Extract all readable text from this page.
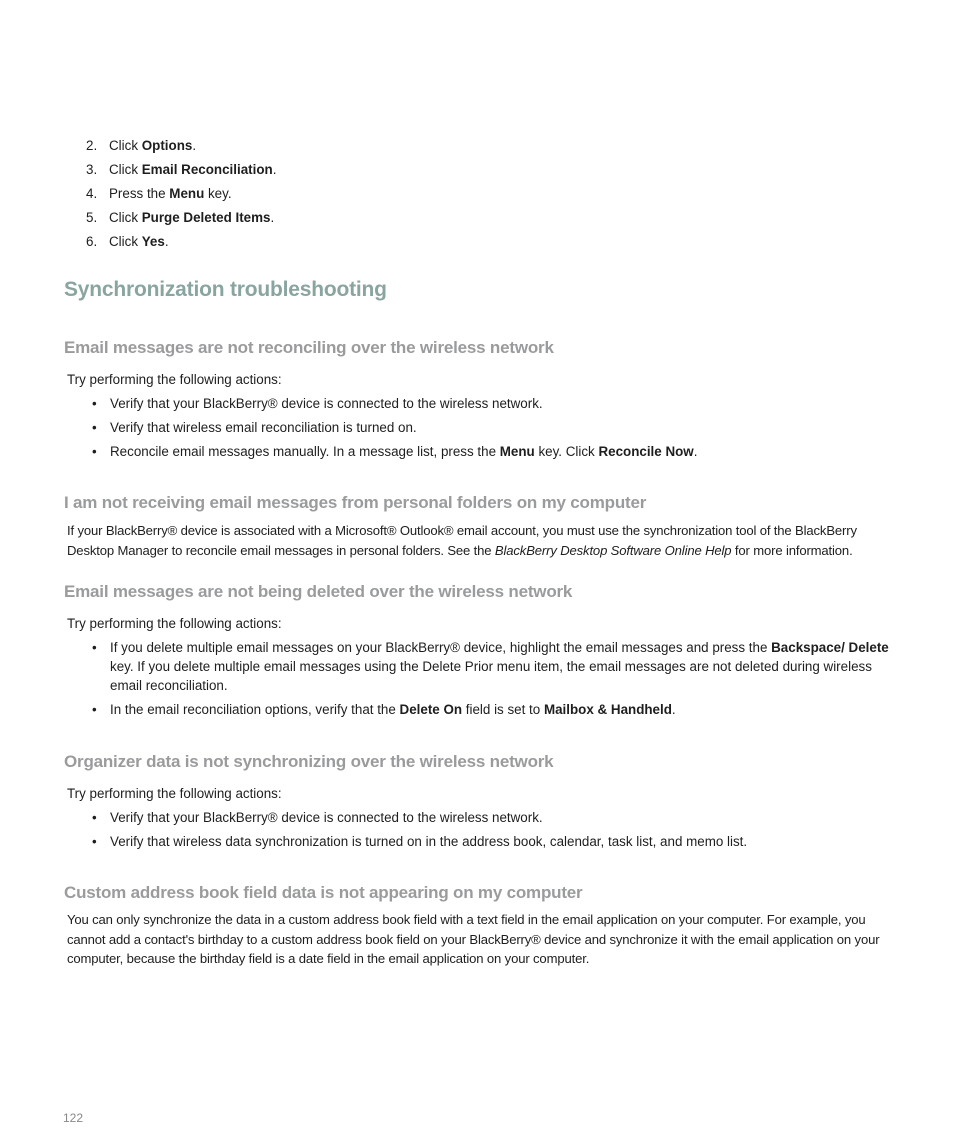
2. Click Options.
3. Click Email Reconciliation.
4. Press the Menu key.
5. Click Purge Deleted Items.
6. Click Yes.
Synchronization troubleshooting
Email messages are not reconciling over the wireless network

Try performing the following actions:

• Verify that your BlackBerry® device is connected to the wireless network.
• Verify that wireless email reconciliation is turned on.
• Reconcile email messages manually. In a message list, press the Menu key. Click Reconcile Now.
I am not receiving email messages from personal folders on my computer

If your BlackBerry® device is associated with a Microsoft® Outlook® email account, you must use the synchronization tool of the BlackBerry Desktop Manager to reconcile email messages in personal folders. See the BlackBerry Desktop Software Online Help for more information.

Email messages are not being deleted over the wireless network

Try performing the following actions:

• If you delete multiple email messages on your BlackBerry® device, highlight the email messages and press the Backspace/ Delete key. If you delete multiple email messages using the Delete Prior menu item, the email messages are not deleted during wireless email reconciliation.
• In the email reconciliation options, verify that the Delete On field is set to Mailbox & Handheld.
Organizer data is not synchronizing over the wireless network

Try performing the following actions:

• Verify that your BlackBerry® device is connected to the wireless network.
• Verify that wireless data synchronization is turned on in the address book, calendar, task list, and memo list.
Custom address book field data is not appearing on my computer

You can only synchronize the data in a custom address book field with a text field in the email application on your computer. For example, you cannot add a contact's birthday to a custom address book field on your BlackBerry® device and synchronize it with the email application on your computer, because the birthday field is a date field in the email application on your computer.

122
